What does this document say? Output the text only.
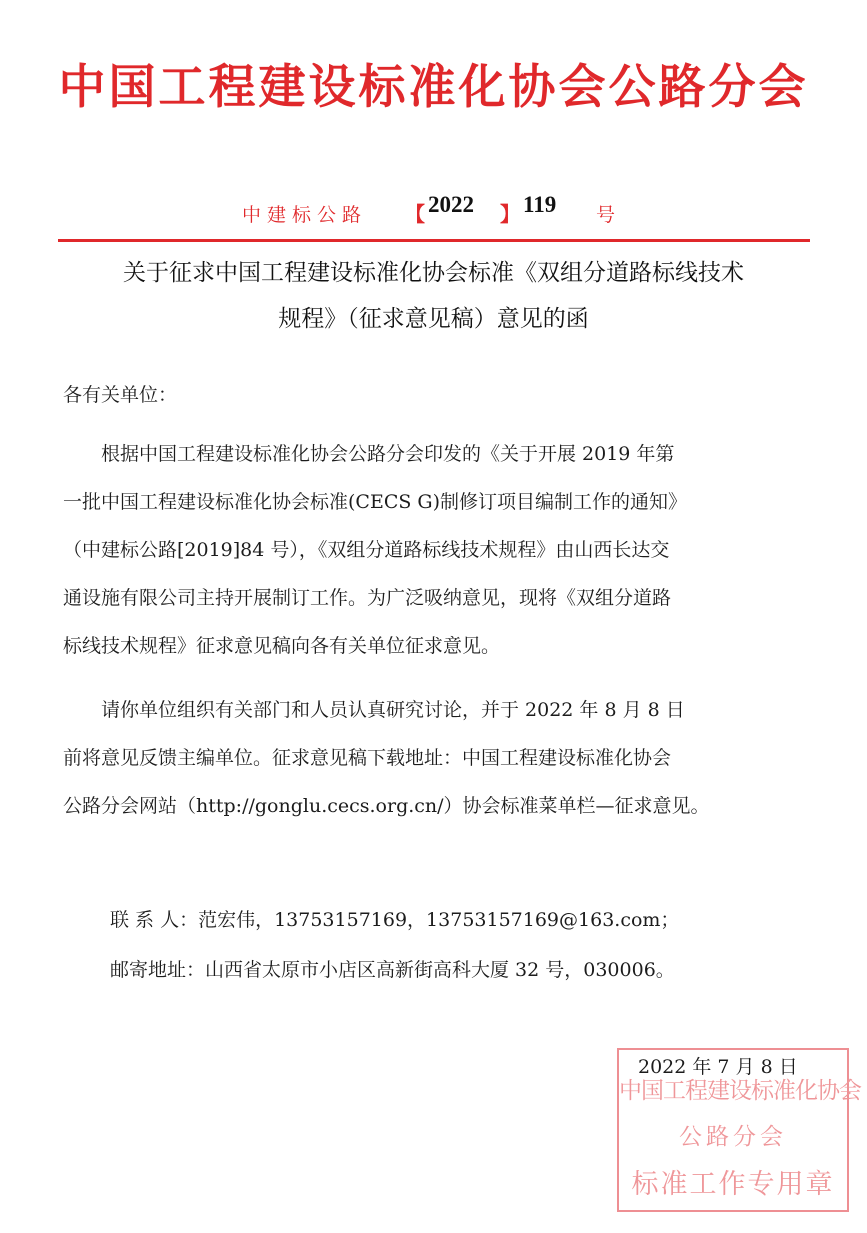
中国工程建设标准化协会公路分会
中建标公路 【 2022 】 119 号
关于征求中国工程建设标准化协会标准《双组分道路标线技术
规程》（征求意见稿）意见的函
各有关单位：
　　根据中国工程建设标准化协会公路分会印发的《关于开展 2019 年第
一批中国工程建设标准化协会标准(CECS G)制修订项目编制工作的通知》
（中建标公路[2019]84 号），《双组分道路标线技术规程》由山西长达交
通设施有限公司主持开展制订工作。为广泛吸纳意见，现将《双组分道路
标线技术规程》征求意见稿向各有关单位征求意见。
　　请你单位组织有关部门和人员认真研究讨论，并于 2022 年 8 月 8 日
前将意见反馈主编单位。征求意见稿下载地址：中国工程建设标准化协会
公路分会网站（http://gonglu.cecs.org.cn/）协会标准菜单栏—征求意见。
联 系 人：范宏伟，13753157169，13753157169@163.com；
邮寄地址：山西省太原市小店区高新街高科大厦 32 号，030006。
中国工程建设标准化协会
公路分会
标准工作专用章
2022 年 7 月 8 日
